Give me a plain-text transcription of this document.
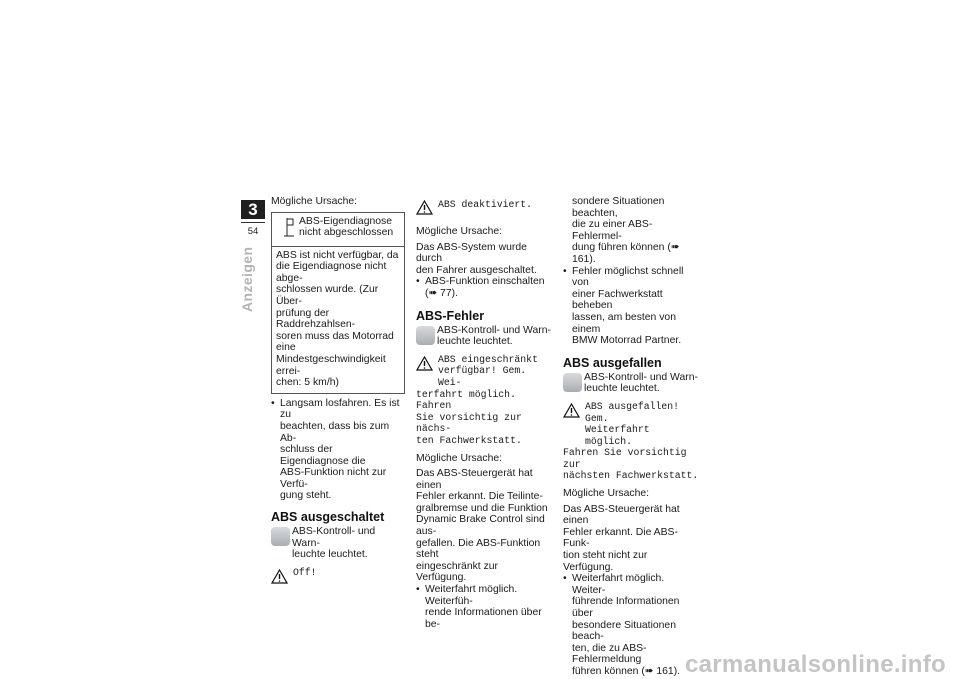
3
54
Anzeigen

Mögliche Ursache:

ABS-Eigendiagnose

nicht abgeschlossen

ABS ist nicht verfügbar, da

die Eigendiagnose nicht abge-

schlossen wurde. (Zur Über-

prüfung der Raddrehzahlsen-

soren muss das Motorrad eine

Mindestgeschwindigkeit errei-

chen: 5 km/h)

• Langsam losfahren. Es ist zu

beachten, dass bis zum Ab-

schluss der Eigendiagnose die

ABS-Funktion nicht zur Verfü-

gung steht.

ABS ausgeschaltet

ABS-Kontroll- und Warn-

leuchte leuchtet.

Off!

ABS deaktiviert.

Mögliche Ursache:

Das ABS-System wurde durch

den Fahrer ausgeschaltet.

• ABS-Funktion einschalten

(➠ 77).

ABS-Fehler

ABS-Kontroll- und Warn-

leuchte leuchtet.

ABS eingeschränkt

verfügbar! Gem. Wei-

terfahrt möglich. Fahren

Sie vorsichtig zur nächs-

ten Fachwerkstatt.

Mögliche Ursache:

Das ABS-Steuergerät hat einen

Fehler erkannt. Die Teilinte-

gralbremse und die Funktion

Dynamic Brake Control sind aus-

gefallen. Die ABS-Funktion steht

eingeschränkt zur Verfügung.

• Weiterfahrt möglich. Weiterfüh-

rende Informationen über be-

sondere Situationen beachten,

die zu einer ABS-Fehlermel-

dung führen können (➠ 161).

• Fehler möglichst schnell von

einer Fachwerkstatt beheben

lassen, am besten von einem

BMW Motorrad Partner.

ABS ausgefallen

ABS-Kontroll- und Warn-

leuchte leuchtet.

ABS ausgefallen! Gem.

Weiterfahrt möglich.

Fahren Sie vorsichtig zur

nächsten Fachwerkstatt.

Mögliche Ursache:

Das ABS-Steuergerät hat einen

Fehler erkannt. Die ABS-Funk-

tion steht nicht zur Verfügung.

• Weiterfahrt möglich. Weiter-

führende Informationen über

besondere Situationen beach-

ten, die zu ABS-Fehlermeldung

führen können (➠ 161). carmanualsonline.info
